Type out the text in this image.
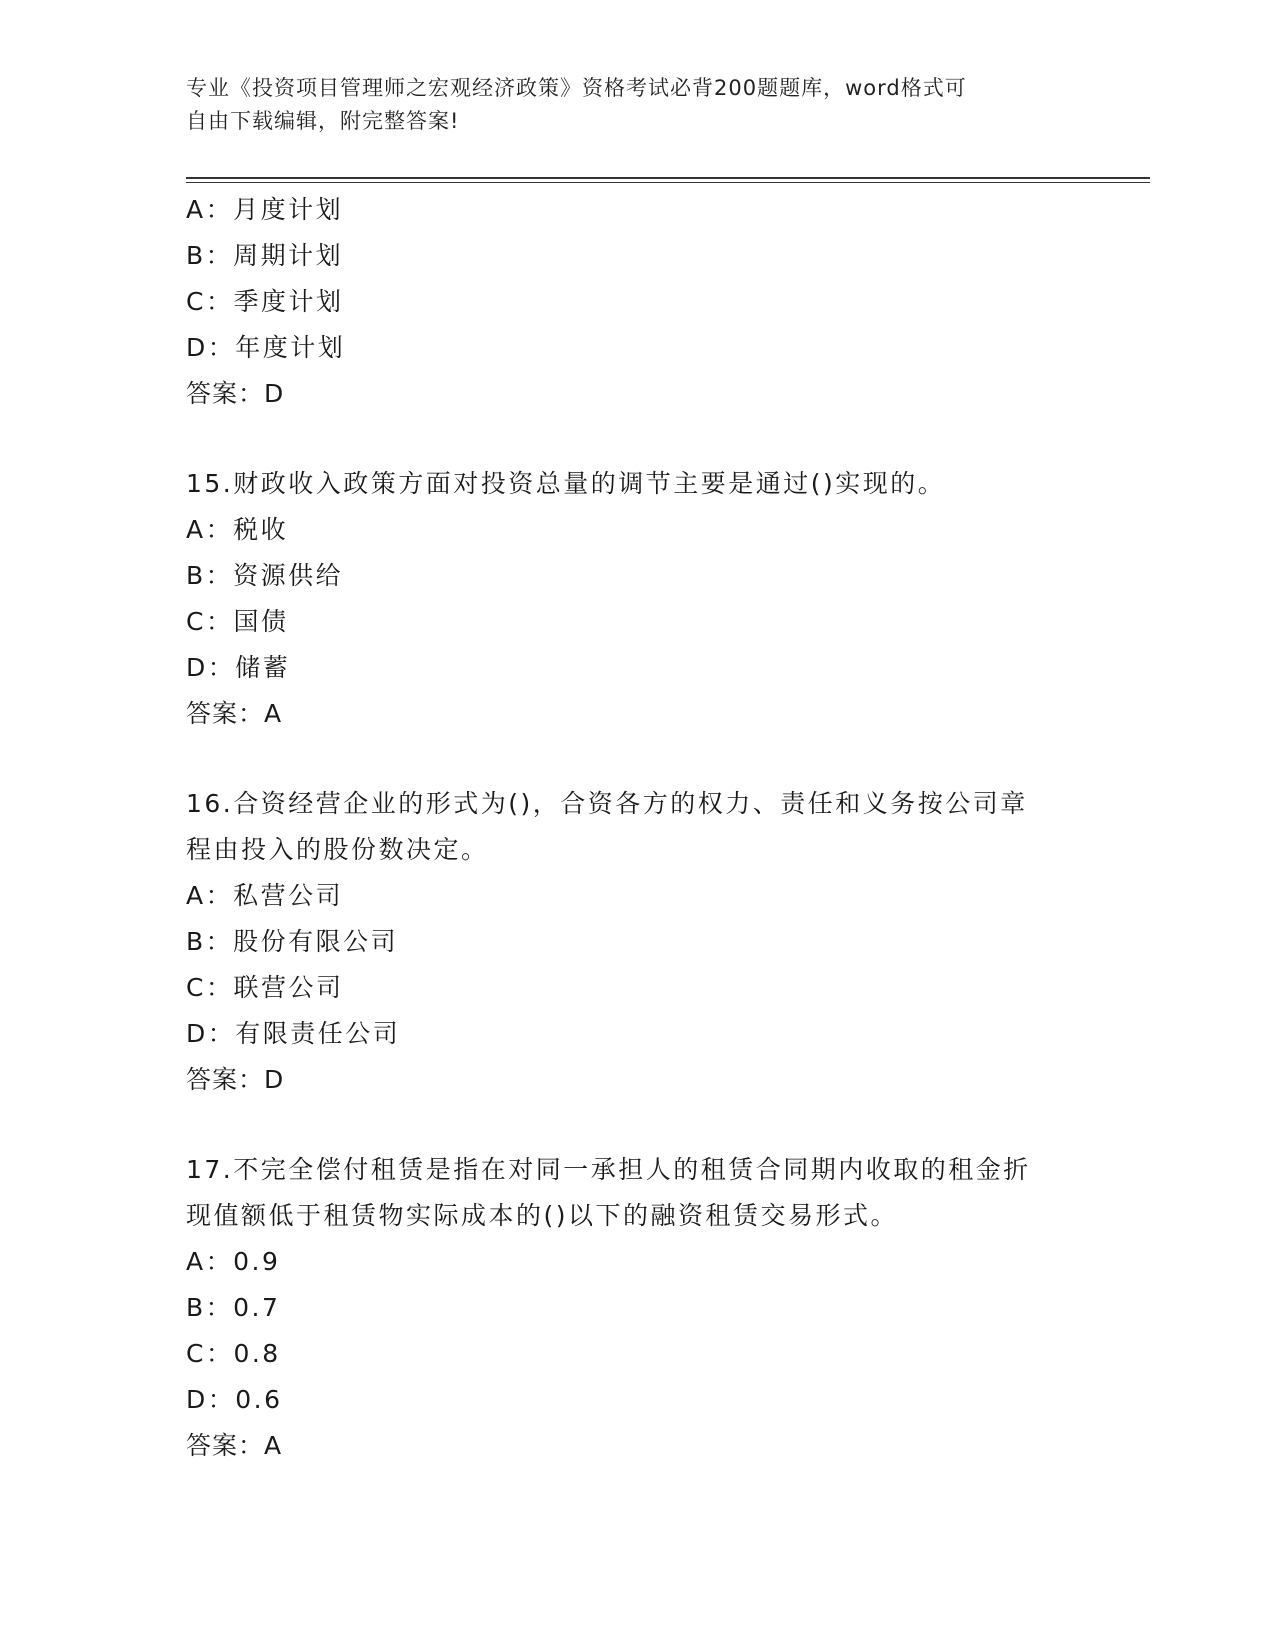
专业《投资项目管理师之宏观经济政策》资格考试必背200题题库，word格式可
自由下载编辑，附完整答案!
A：月度计划
B：周期计划
C：季度计划
D：年度计划
答案：D
15.财政收入政策方面对投资总量的调节主要是通过()实现的。
A：税收
B：资源供给
C：国债
D：储蓄
答案：A
16.合资经营企业的形式为()，合资各方的权力、责任和义务按公司章
程由投入的股份数决定。
A：私营公司
B：股份有限公司
C：联营公司
D：有限责任公司
答案：D
17.不完全偿付租赁是指在对同一承担人的租赁合同期内收取的租金折
现值额低于租赁物实际成本的()以下的融资租赁交易形式。
A：0.9
B：0.7
C：0.8
D：0.6
答案：A
